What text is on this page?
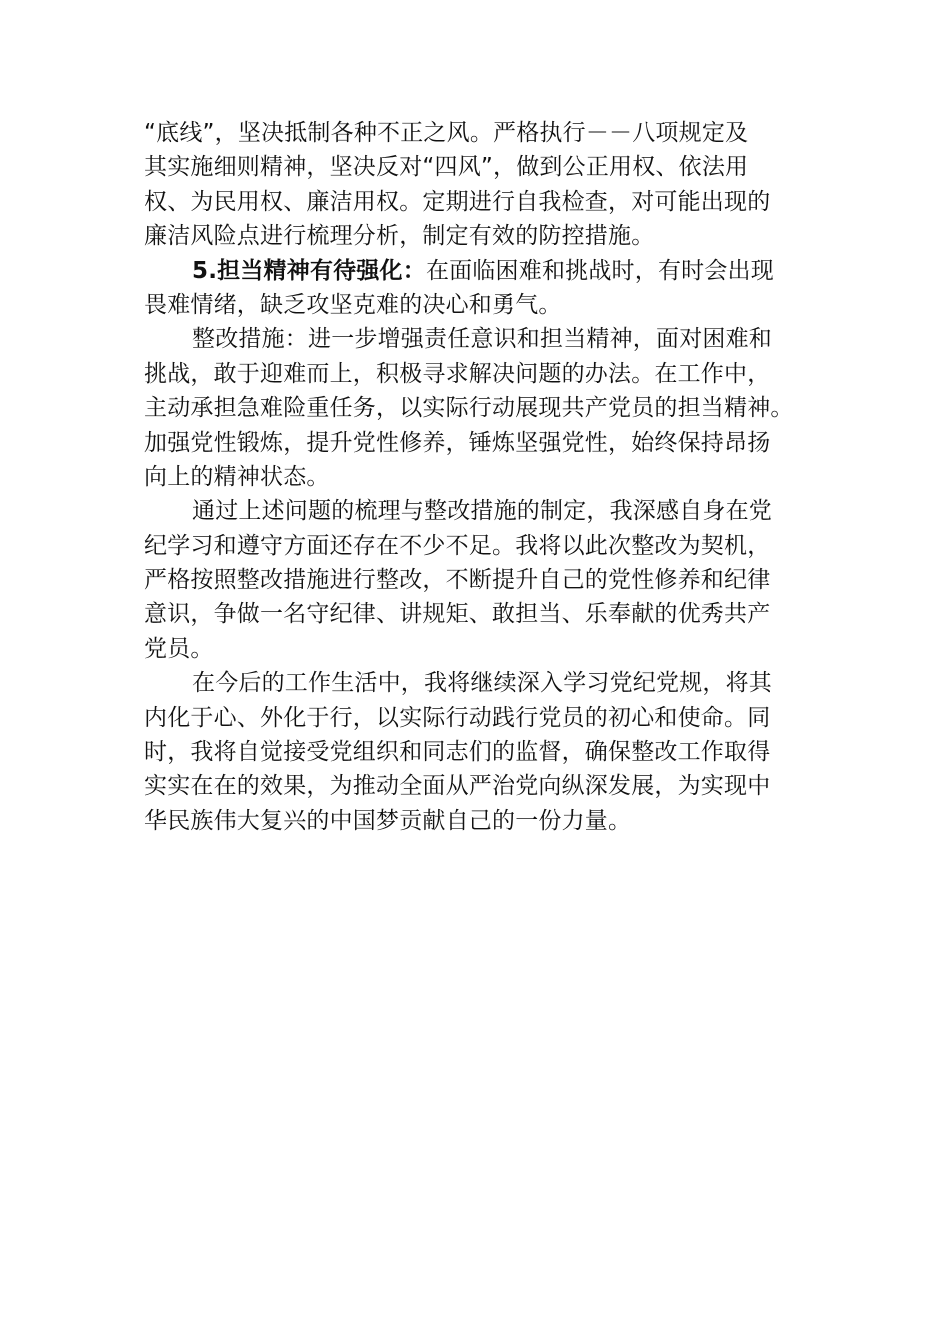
“底线”，坚决抵制各种不正之风。严格执行－－八项规定及
其实施细则精神，坚决反对“四风”，做到公正用权、依法用
权、为民用权、廉洁用权。定期进行自我检查，对可能出现的
廉洁风险点进行梳理分析，制定有效的防控措施。
5.担当精神有待强化：在面临困难和挑战时，有时会出现
畏难情绪，缺乏攻坚克难的决心和勇气。
整改措施：进一步增强责任意识和担当精神，面对困难和
挑战，敢于迎难而上，积极寻求解决问题的办法。在工作中，
主动承担急难险重任务，以实际行动展现共产党员的担当精神。
加强党性锻炼，提升党性修养，锤炼坚强党性，始终保持昂扬
向上的精神状态。
通过上述问题的梳理与整改措施的制定，我深感自身在党
纪学习和遵守方面还存在不少不足。我将以此次整改为契机，
严格按照整改措施进行整改，不断提升自己的党性修养和纪律
意识，争做一名守纪律、讲规矩、敢担当、乐奉献的优秀共产
党员。
在今后的工作生活中，我将继续深入学习党纪党规，将其
内化于心、外化于行，以实际行动践行党员的初心和使命。同
时，我将自觉接受党组织和同志们的监督，确保整改工作取得
实实在在的效果，为推动全面从严治党向纵深发展，为实现中
华民族伟大复兴的中国梦贡献自己的一份力量。
